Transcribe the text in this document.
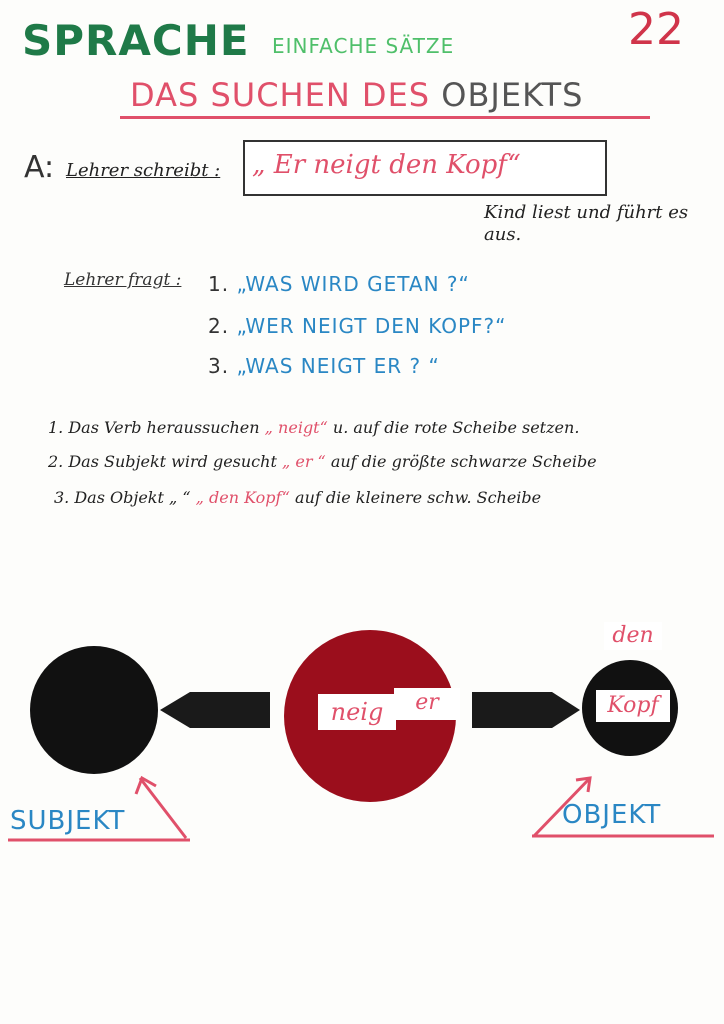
SPRACHE EINFACHE SÄTZE	22
DAS SUCHEN DES OBJEKTS
A: Lehrer schreibt : „ Er neigt den Kopf“
Kind liest und führt es aus.
Lehrer fragt : 1. „WAS WIRD GETAN ?“
2. „WER NEIGT DEN KOPF?“
3. „WAS NEIGT ER ? “
1. Das Verb heraussuchen „ neigt“ u. auf die rote Scheibe setzen.
2. Das Subjekt wird gesucht „ er “ auf die größte schwarze Scheibe
3. Das Objekt „ “ „ den Kopf“ auf die kleinere schw. Scheibe
neig	er
den
Kopf
SUBJEKT	OBJEKT
